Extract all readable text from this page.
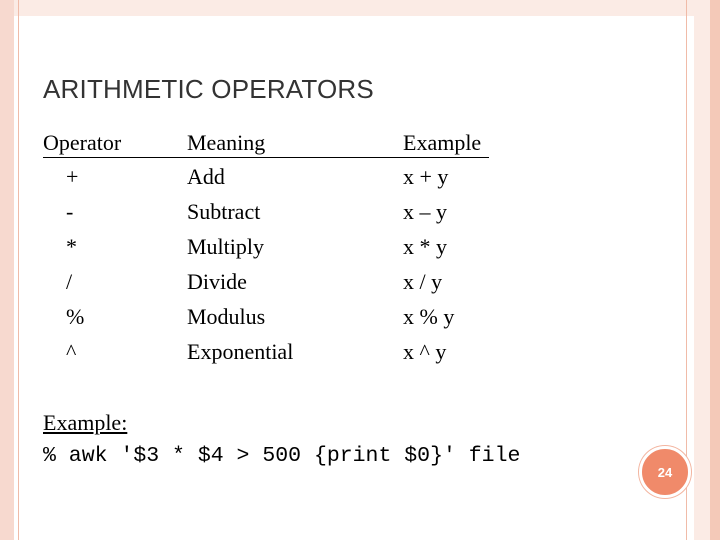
ARITHMETIC OPERATORS
Operator	Meaning	Example
+	Add	x + y
-	Subtract	x – y
*	Multiply	x * y
/	Divide	x / y
%	Modulus	x % y
^	Exponential	x ^ y
Example:
% awk '$3 * $4 > 500 {print $0}' file
24
